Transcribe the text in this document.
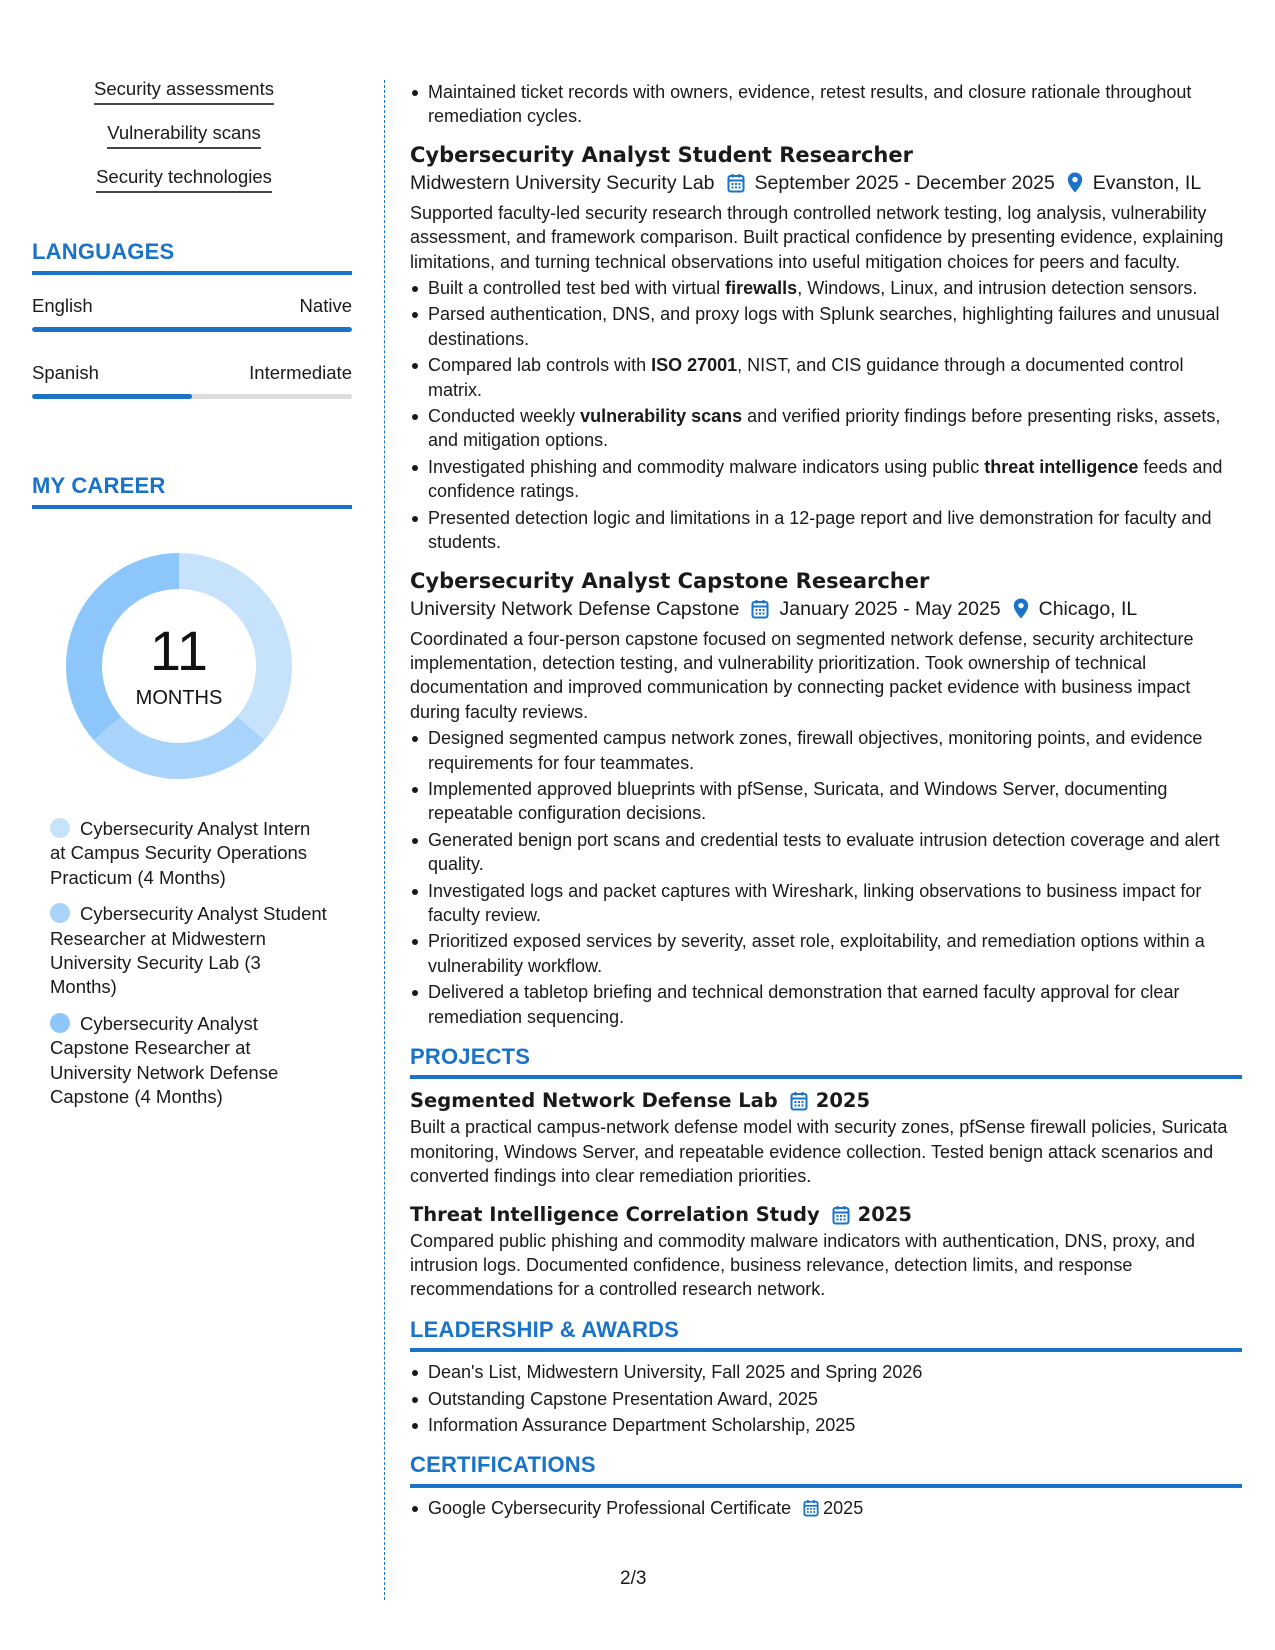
Security assessments
Vulnerability scans
Security technologies
LANGUAGES
English	Native
Spanish	Intermediate
MY CAREER
11
MONTHS
Cybersecurity Analyst Intern at Campus Security Operations Practicum (4 Months)
Cybersecurity Analyst Student Researcher at Midwestern University Security Lab (3 Months)
Cybersecurity Analyst Capstone Researcher at University Network Defense Capstone (4 Months)
Maintained ticket records with owners, evidence, retest results, and closure rationale throughout remediation cycles.
Cybersecurity Analyst Student Researcher
Midwestern University Security Lab September 2025 - December 2025 Evanston, IL
Supported faculty-led security research through controlled network testing, log analysis, vulnerability assessment, and framework comparison. Built practical confidence by presenting evidence, explaining limitations, and turning technical observations into useful mitigation choices for peers and faculty.
Built a controlled test bed with virtual firewalls, Windows, Linux, and intrusion detection sensors.
Parsed authentication, DNS, and proxy logs with Splunk searches, highlighting failures and unusual destinations.
Compared lab controls with ISO 27001, NIST, and CIS guidance through a documented control matrix.
Conducted weekly vulnerability scans and verified priority findings before presenting risks, assets, and mitigation options.
Investigated phishing and commodity malware indicators using public threat intelligence feeds and confidence ratings.
Presented detection logic and limitations in a 12-page report and live demonstration for faculty and students.
Cybersecurity Analyst Capstone Researcher
University Network Defense Capstone January 2025 - May 2025 Chicago, IL
Coordinated a four-person capstone focused on segmented network defense, security architecture implementation, detection testing, and vulnerability prioritization. Took ownership of technical documentation and improved communication by connecting packet evidence with business impact during faculty reviews.
Designed segmented campus network zones, firewall objectives, monitoring points, and evidence requirements for four teammates.
Implemented approved blueprints with pfSense, Suricata, and Windows Server, documenting repeatable configuration decisions.
Generated benign port scans and credential tests to evaluate intrusion detection coverage and alert quality.
Investigated logs and packet captures with Wireshark, linking observations to business impact for faculty review.
Prioritized exposed services by severity, asset role, exploitability, and remediation options within a vulnerability workflow.
Delivered a tabletop briefing and technical demonstration that earned faculty approval for clear remediation sequencing.
PROJECTS
Segmented Network Defense Lab 2025
Built a practical campus-network defense model with security zones, pfSense firewall policies, Suricata monitoring, Windows Server, and repeatable evidence collection. Tested benign attack scenarios and converted findings into clear remediation priorities.
Threat Intelligence Correlation Study 2025
Compared public phishing and commodity malware indicators with authentication, DNS, proxy, and intrusion logs. Documented confidence, business relevance, detection limits, and response recommendations for a controlled research network.
LEADERSHIP & AWARDS
Dean's List, Midwestern University, Fall 2025 and Spring 2026
Outstanding Capstone Presentation Award, 2025
Information Assurance Department Scholarship, 2025
CERTIFICATIONS
Google Cybersecurity Professional Certificate 2025
2/3
